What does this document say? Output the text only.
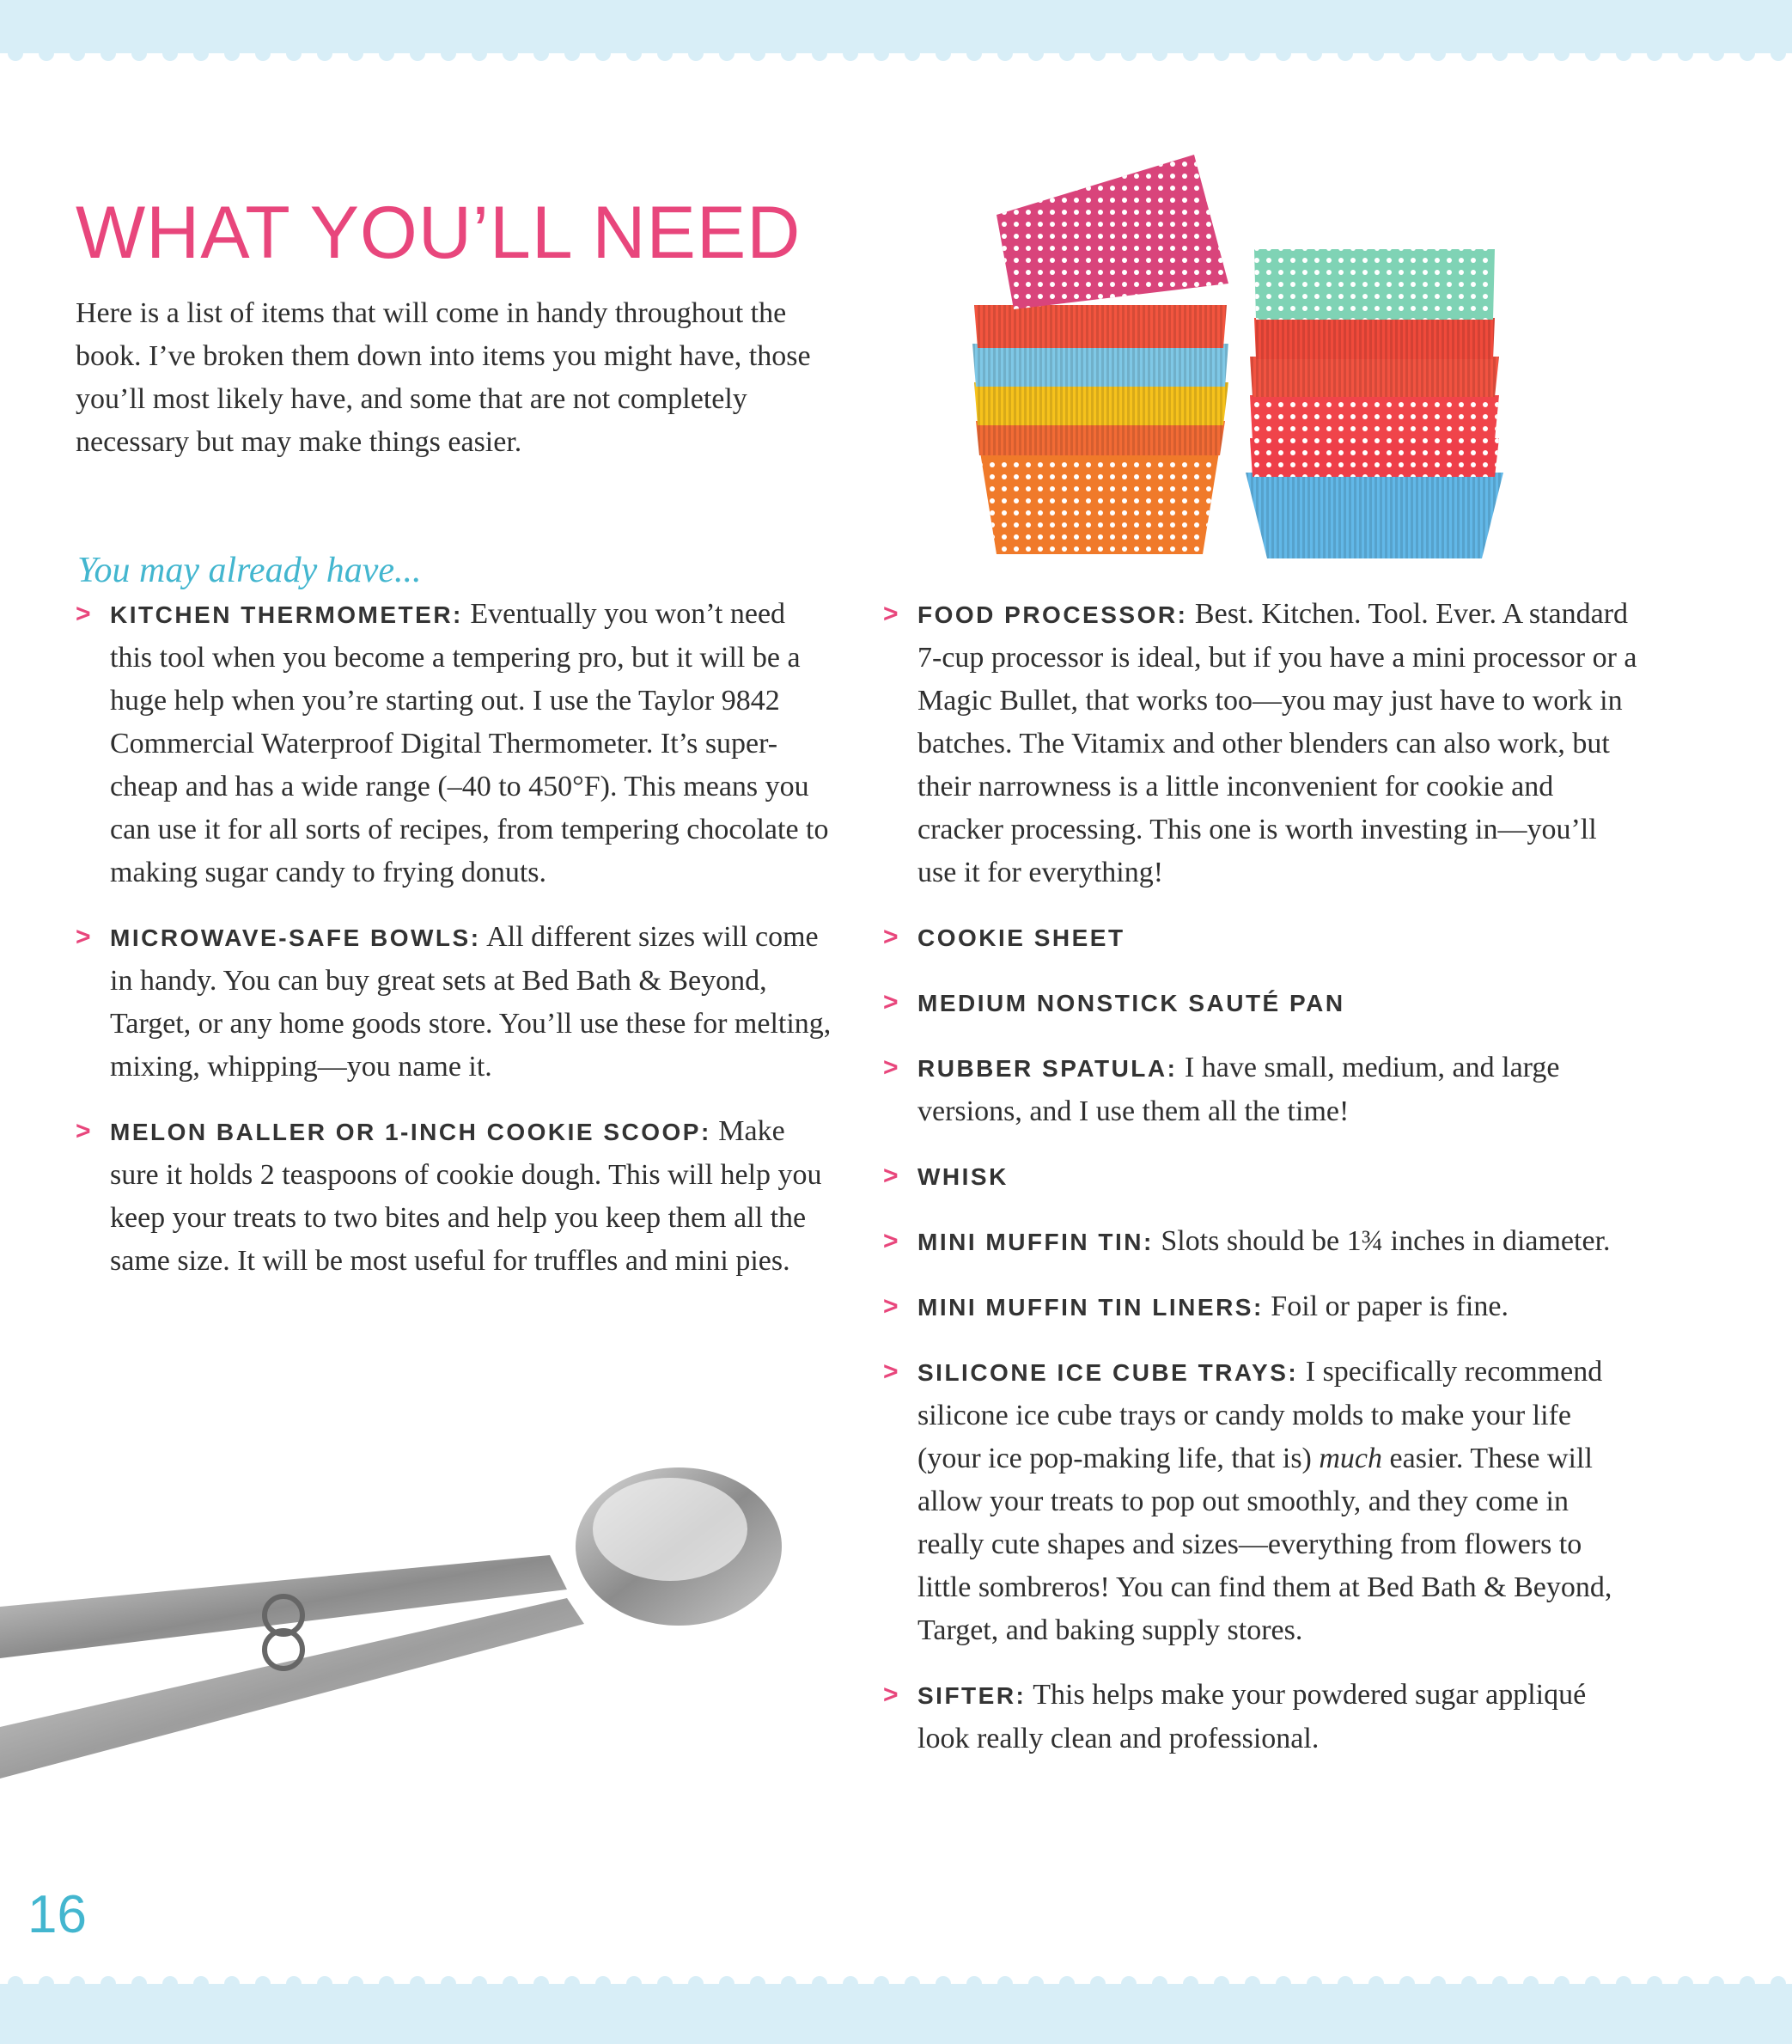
WHAT YOU’LL NEED

Here is a list of items that will come in handy throughout the book. I’ve broken them down into items you might have, those you’ll most likely have, and some that are not completely necessary but may make things easier.

You may already have...
> KITCHEN THERMOMETER: Eventually you won’t need this tool when you become a tempering pro, but it will be a huge help when you’re starting out. I use the Taylor 9842 Commercial Waterproof Digital Thermometer. It’s super-cheap and has a wide range (–40 to 450°F). This means you can use it for all sorts of recipes, from tempering chocolate to making sugar candy to frying donuts.
> MICROWAVE-SAFE BOWLS: All different sizes will come in handy. You can buy great sets at Bed Bath & Beyond, Target, or any home goods store. You’ll use these for melting, mixing, whipping—you name it.
> MELON BALLER OR 1-INCH COOKIE SCOOP: Make sure it holds 2 teaspoons of cookie dough. This will help you keep your treats to two bites and help you keep them all the same size. It will be most useful for truffles and mini pies.
> FOOD PROCESSOR: Best. Kitchen. Tool. Ever. A standard 7-cup processor is ideal, but if you have a mini processor or a Magic Bullet, that works too—you may just have to work in batches. The Vitamix and other blenders can also work, but their narrowness is a little inconvenient for cookie and cracker processing. This one is worth investing in—you’ll use it for everything!
> COOKIE SHEET
> MEDIUM NONSTICK SAUTÉ PAN
> RUBBER SPATULA: I have small, medium, and large versions, and I use them all the time!
> WHISK
> MINI MUFFIN TIN: Slots should be 1¾ inches in diameter.
> MINI MUFFIN TIN LINERS: Foil or paper is fine.
> SILICONE ICE CUBE TRAYS: I specifically recommend silicone ice cube trays or candy molds to make your life (your ice pop-making life, that is) much easier. These will allow your treats to pop out smoothly, and they come in really cute shapes and sizes—everything from flowers to little sombreros! You can find them at Bed Bath & Beyond, Target, and baking supply stores.
> SIFTER: This helps make your powdered sugar appliqué look really clean and professional.
16
